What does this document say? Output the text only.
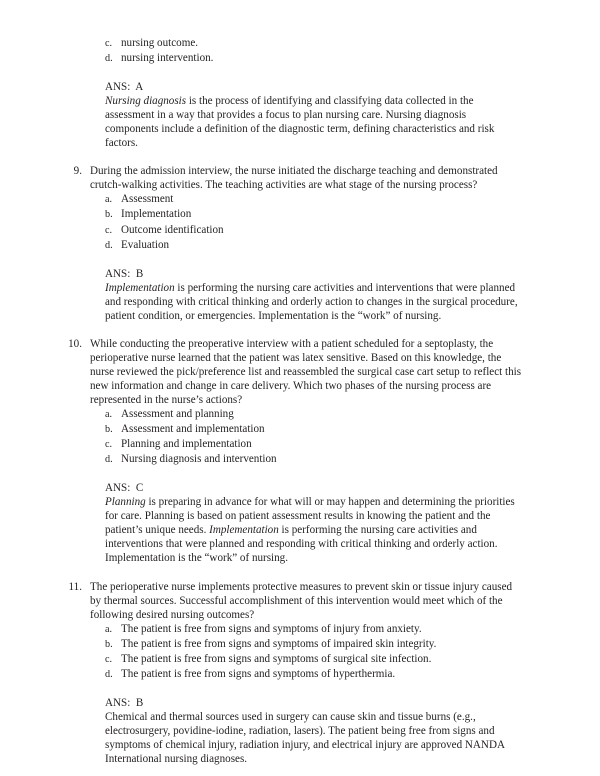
c. nursing outcome.
d. nursing intervention.
ANS:  A
Nursing diagnosis is the process of identifying and classifying data collected in the assessment in a way that provides a focus to plan nursing care. Nursing diagnosis components include a definition of the diagnostic term, defining characteristics and risk factors.
9. During the admission interview, the nurse initiated the discharge teaching and demonstrated crutch-walking activities. The teaching activities are what stage of the nursing process?
a. Assessment
b. Implementation
c. Outcome identification
d. Evaluation
ANS:  B
Implementation is performing the nursing care activities and interventions that were planned and responding with critical thinking and orderly action to changes in the surgical procedure, patient condition, or emergencies. Implementation is the “work” of nursing.
10. While conducting the preoperative interview with a patient scheduled for a septoplasty, the perioperative nurse learned that the patient was latex sensitive. Based on this knowledge, the nurse reviewed the pick/preference list and reassembled the surgical case cart setup to reflect this new information and change in care delivery. Which two phases of the nursing process are represented in the nurse’s actions?
a. Assessment and planning
b. Assessment and implementation
c. Planning and implementation
d. Nursing diagnosis and intervention
ANS:  C
Planning is preparing in advance for what will or may happen and determining the priorities for care. Planning is based on patient assessment results in knowing the patient and the patient’s unique needs. Implementation is performing the nursing care activities and interventions that were planned and responding with critical thinking and orderly action. Implementation is the “work” of nursing.
11. The perioperative nurse implements protective measures to prevent skin or tissue injury caused by thermal sources. Successful accomplishment of this intervention would meet which of the following desired nursing outcomes?
a. The patient is free from signs and symptoms of injury from anxiety.
b. The patient is free from signs and symptoms of impaired skin integrity.
c. The patient is free from signs and symptoms of surgical site infection.
d. The patient is free from signs and symptoms of hyperthermia.
ANS:  B
Chemical and thermal sources used in surgery can cause skin and tissue burns (e.g., electrosurgery, povidine-iodine, radiation, lasers). The patient being free from signs and symptoms of chemical injury, radiation injury, and electrical injury are approved NANDA International nursing diagnoses.
